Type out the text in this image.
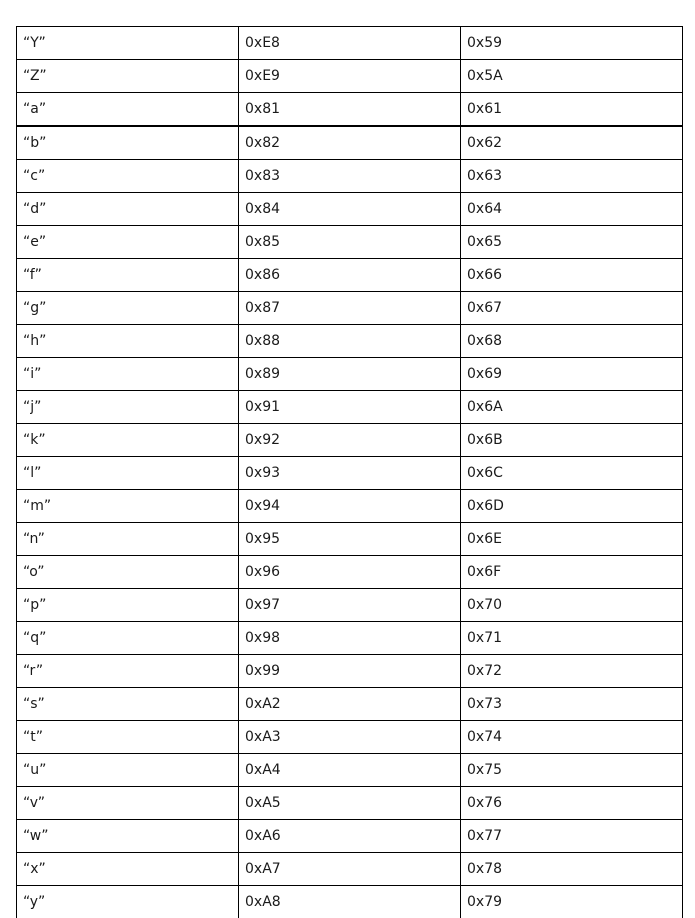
“Y”	0xE8	0x59
“Z”	0xE9	0x5A
“a”	0x81	0x61
“b”	0x82	0x62
“c”	0x83	0x63
“d”	0x84	0x64
“e”	0x85	0x65
“f”	0x86	0x66
“g”	0x87	0x67
“h”	0x88	0x68
“i”	0x89	0x69
“j”	0x91	0x6A
“k”	0x92	0x6B
“l”	0x93	0x6C
“m”	0x94	0x6D
“n”	0x95	0x6E
“o”	0x96	0x6F
“p”	0x97	0x70
“q”	0x98	0x71
“r”	0x99	0x72
“s”	0xA2	0x73
“t”	0xA3	0x74
“u”	0xA4	0x75
“v”	0xA5	0x76
“w”	0xA6	0x77
“x”	0xA7	0x78
“y”	0xA8	0x79
